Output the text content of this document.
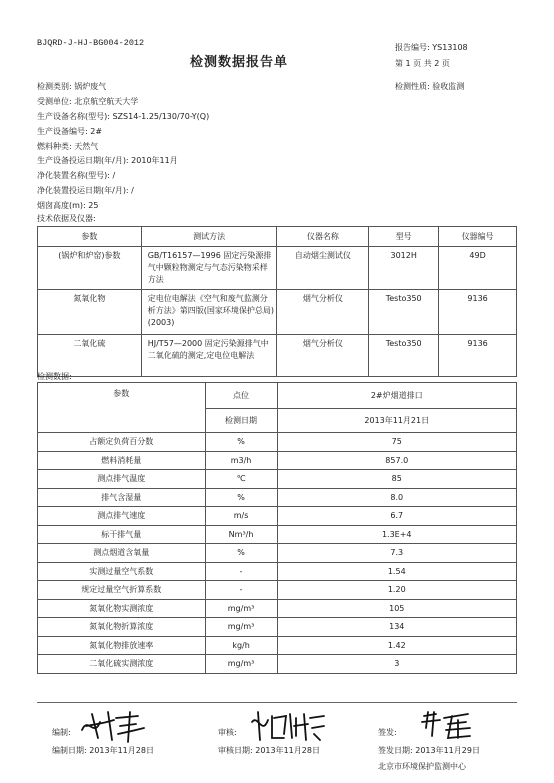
BJQRD-J-HJ-BG004-2012
检测数据报告单
报告编号: YS13108
第 1 页 共 2 页
检测性质: 验收监测
检测类别: 锅炉废气
受测单位: 北京航空航天大学
生产设备名称(型号): SZS14-1.25/130/70-Y(Q)
生产设备编号: 2#
燃料种类: 天然气
生产设备投运日期(年/月): 2010年11月
净化装置名称(型号): /
净化装置投运日期(年/月): /
烟囱高度(m): 25
技术依据及仪器:
参数	测试方法	仪器名称	型号	仪器编号
(锅炉和炉窑)参数	GB/T16157—1996 固定污染源排气中颗粒物测定与气态污染物采样方法	自动烟尘测试仪	3012H	49D
氮氧化物	定电位电解法《空气和废气监测分析方法》第四版(国家环境保护总局)(2003)	烟气分析仪	Testo350	9136
二氧化硫	HJ/T57—2000 固定污染源排气中二氧化硫的测定,定电位电解法	烟气分析仪	Testo350	9136
检测数据:
参数	点位	2#炉烟道排口
	检测日期	2013年11月21日
占额定负荷百分数	%	75
燃料消耗量	m3/h	857.0
测点排气温度	℃	85
排气含湿量	%	8.0
测点排气速度	m/s	6.7
标干排气量	Nm³/h	1.3E+4
测点烟道含氧量	%	7.3
实测过量空气系数	-	1.54
规定过量空气折算系数	-	1.20
氮氧化物实测浓度	mg/m³	105
氮氧化物折算浓度	mg/m³	134
氮氧化物排放速率	kg/h	1.42
二氧化硫实测浓度	mg/m³	3
编制:	审核:	签发:
编制日期: 2013年11月28日	审核日期: 2013年11月28日	签发日期: 2013年11月29日
北京市环境保护监测中心
